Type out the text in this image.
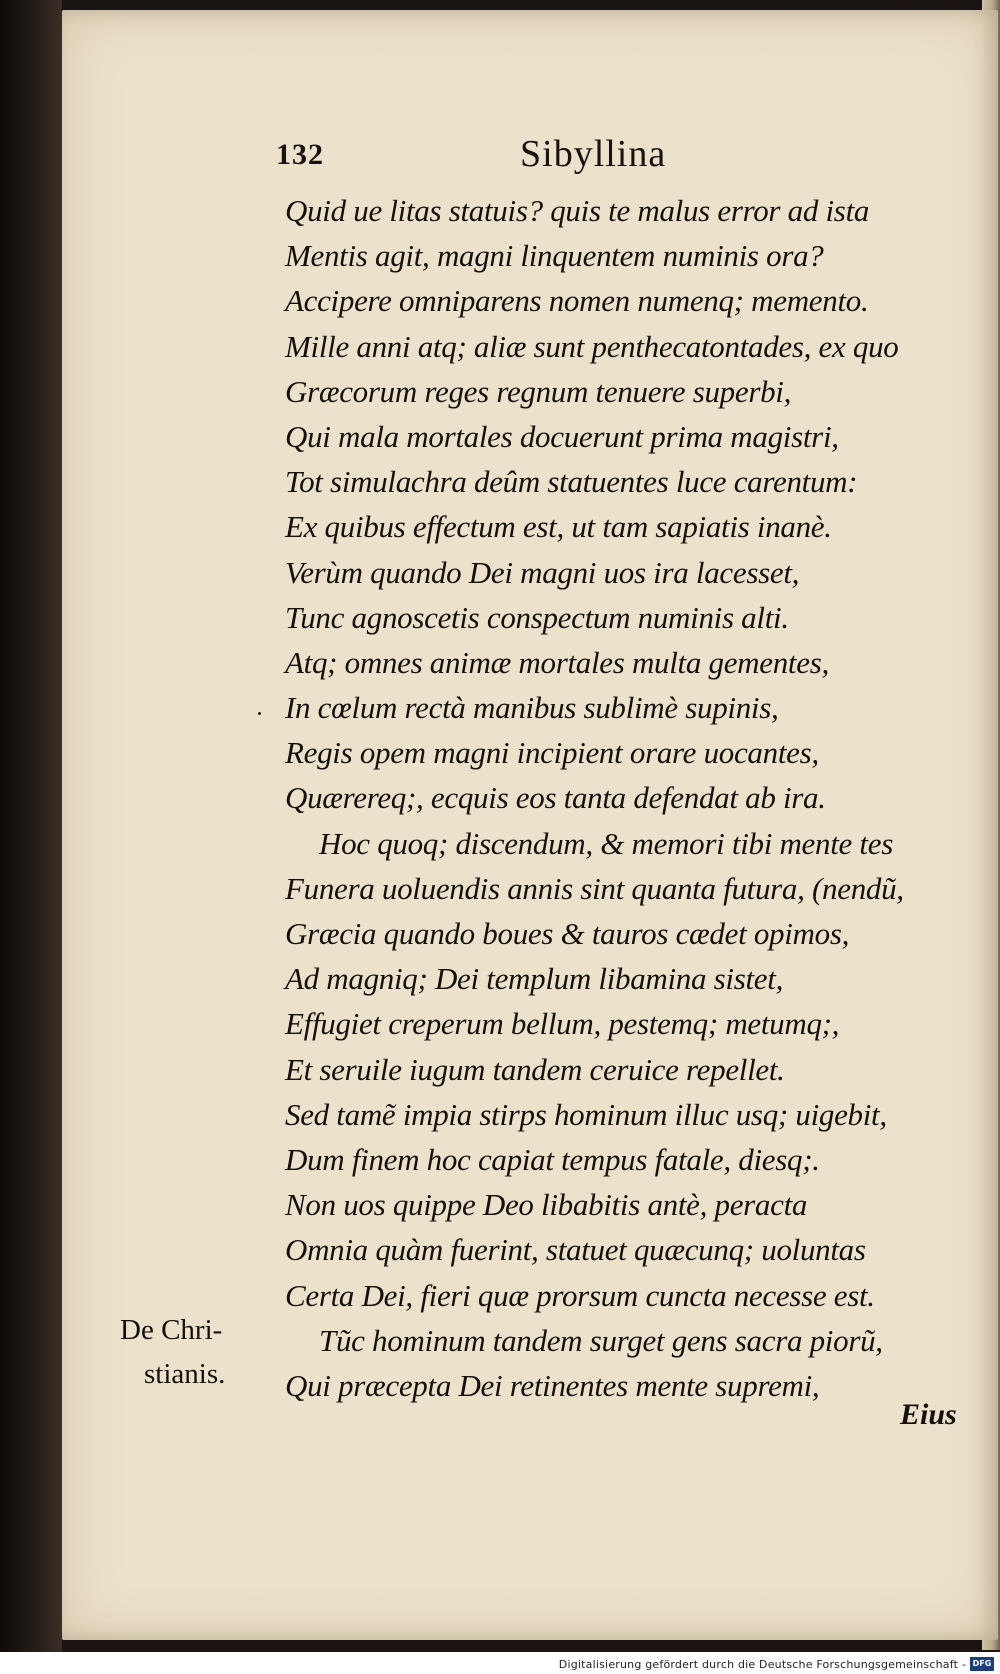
132	Sibyllina
Quid ue litas statuis? quis te malus error ad ista
Mentis agit, magni linquentem numinis ora?
Accipere omniparens nomen numenq; memento.
Mille anni atq; aliæ sunt penthecatontades, ex quo
Græcorum reges regnum tenuere superbi,
Qui mala mortales docuerunt prima magistri,
Tot simulachra deûm statuentes luce carentum:
Ex quibus effectum est, ut tam sapiatis inanè.
Verùm quando Dei magni uos ira lacesset,
Tunc agnoscetis conspectum numinis alti.
Atq; omnes animæ mortales multa gementes,
In cœlum rectà manibus sublimè supinis,
Regis opem magni incipient orare uocantes,
Quærereq;, ecquis eos tanta defendat ab ira.
Hoc quoq; discendum, & memori tibi mente tes
Funera uoluendis annis sint quanta futura, (nendũ,
Græcia quando boues & tauros cædet opimos,
Ad magniq; Dei templum libamina sistet,
Effugiet creperum bellum, pestemq; metumq;,
Et seruile iugum tandem ceruice repellet.
Sed tamẽ impia stirps hominum illuc usq; uigebit,
Dum finem hoc capiat tempus fatale, diesq;.
Non uos quippe Deo libabitis antè, peracta
Omnia quàm fuerint, statuet quæcunq; uoluntas
Certa Dei, fieri quæ prorsum cuncta necesse est.
Tũc hominum tandem surget gens sacra piorũ,
Qui præcepta Dei retinentes mente supremi,
De Chri-
stianis.
Eius
Digitalisierung gefördert durch die Deutsche Forschungsgemeinschaft - DFG
